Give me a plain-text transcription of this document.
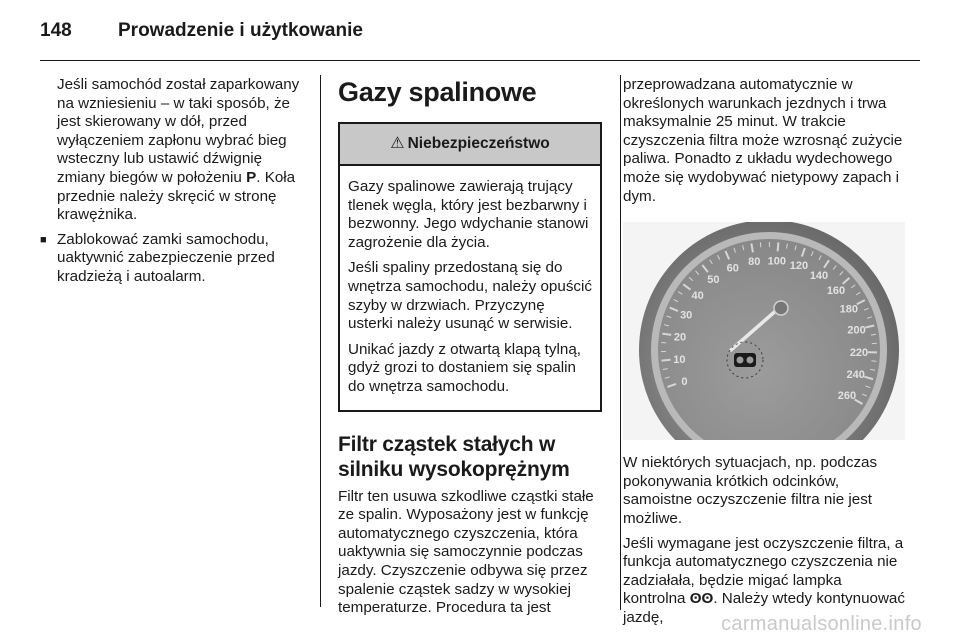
148	Prowadzenie i użytkowanie

Jeśli samochód został zaparkowany na wzniesieniu – w taki sposób, że jest skierowany w dół, przed wyłączeniem zapłonu wybrać bieg wsteczny lub ustawić dźwignię zmiany biegów w położeniu P. Koła przednie należy skręcić w stronę krawężnika.

■ Zablokować zamki samochodu, uaktywnić zabezpieczenie przed kradzieżą i autoalarm.

Gazy spalinowe
⚠ Niebezpieczeństwo

Gazy spalinowe zawierają trujący tlenek węgla, który jest bezbarwny i bezwonny. Jego wdychanie stanowi zagrożenie dla życia.

Jeśli spaliny przedostaną się do wnętrza samochodu, należy opuścić szyby w drzwiach. Przyczynę usterki należy usunąć w serwisie.

Unikać jazdy z otwartą klapą tylną, gdyż grozi to dostaniem się spalin do wnętrza samochodu.

Filtr cząstek stałych w silniku wysokoprężnym

Filtr ten usuwa szkodliwe cząstki stałe ze spalin. Wyposażony jest w funkcję automatycznego czyszczenia, która uaktywnia się samoczynnie podczas jazdy. Czyszczenie odbywa się przez spalenie cząstek sadzy w wysokiej temperaturze. Procedura ta jest

przeprowadzana automatycznie w określonych warunkach jezdnych i trwa maksymalnie 25 minut. W trakcie czyszczenia filtra może wzrosnąć zużycie paliwa. Ponadto z układu wydechowego może się wydobywać nietypowy zapach i dym.

0
10
20
30
40
50
60
80 100 120
140
160
180
200
220
240
260

W niektórych sytuacjach, np. podczas pokonywania krótkich odcinków, samoistne oczyszczenie filtra nie jest możliwe.

Jeśli wymagane jest oczyszczenie filtra, a funkcja automatycznego czyszczenia nie zadziałała, będzie migać lampka kontrolna ʘʘ. Należy wtedy kontynuować jazdę,	carmanualsonline.info
